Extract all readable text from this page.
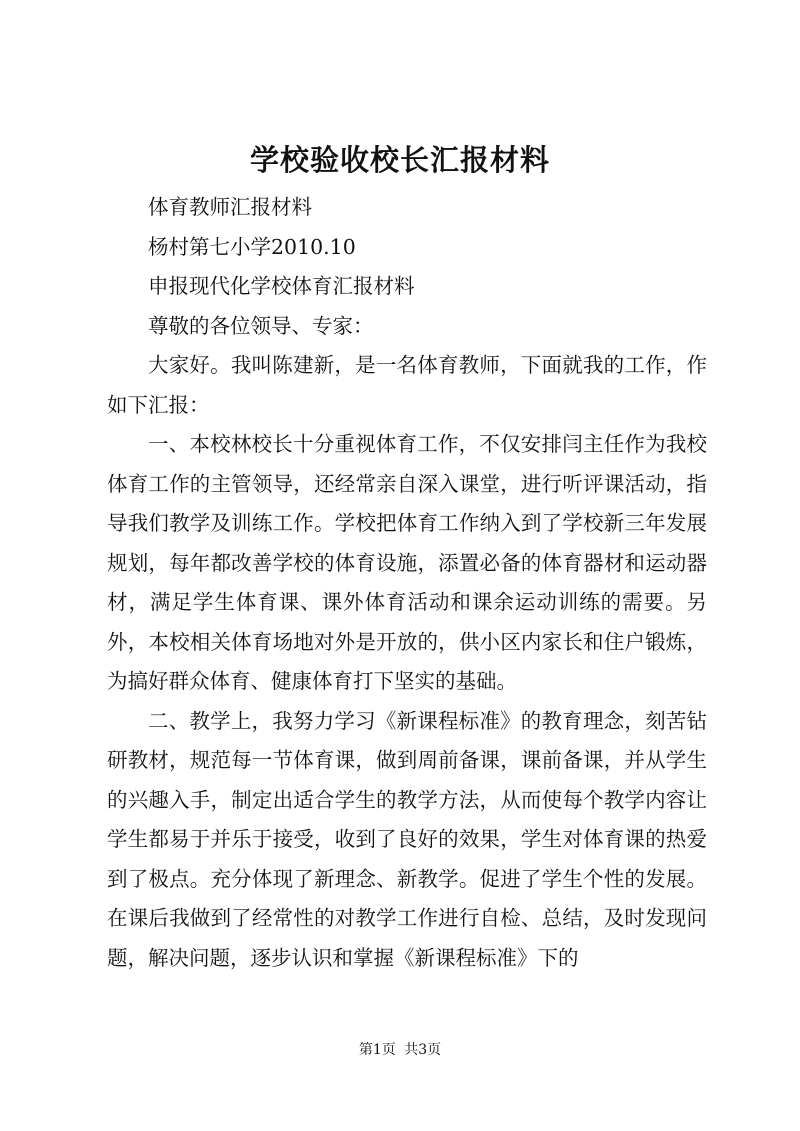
学校验收校长汇报材料

体育教师汇报材料

杨村第七小学2010.10

申报现代化学校体育汇报材料

尊敬的各位领导、专家：

大家好。我叫陈建新，是一名体育教师，下面就我的工作，作如下汇报：

一、本校林校长十分重视体育工作，不仅安排闫主任作为我校体育工作的主管领导，还经常亲自深入课堂，进行听评课活动，指导我们教学及训练工作。学校把体育工作纳入到了学校新三年发展规划，每年都改善学校的体育设施，添置必备的体育器材和运动器材，满足学生体育课、课外体育活动和课余运动训练的需要。另外，本校相关体育场地对外是开放的，供小区内家长和住户锻炼，为搞好群众体育、健康体育打下坚实的基础。

二、教学上，我努力学习《新课程标准》的教育理念，刻苦钻研教材，规范每一节体育课，做到周前备课，课前备课，并从学生的兴趣入手，制定出适合学生的教学方法，从而使每个教学内容让学生都易于并乐于接受，收到了良好的效果，学生对体育课的热爱到了极点。充分体现了新理念、新教学。促进了学生个性的发展。在课后我做到了经常性的对教学工作进行自检、总结，及时发现问题，解决问题，逐步认识和掌握《新课程标准》下的

第1页 共3页
